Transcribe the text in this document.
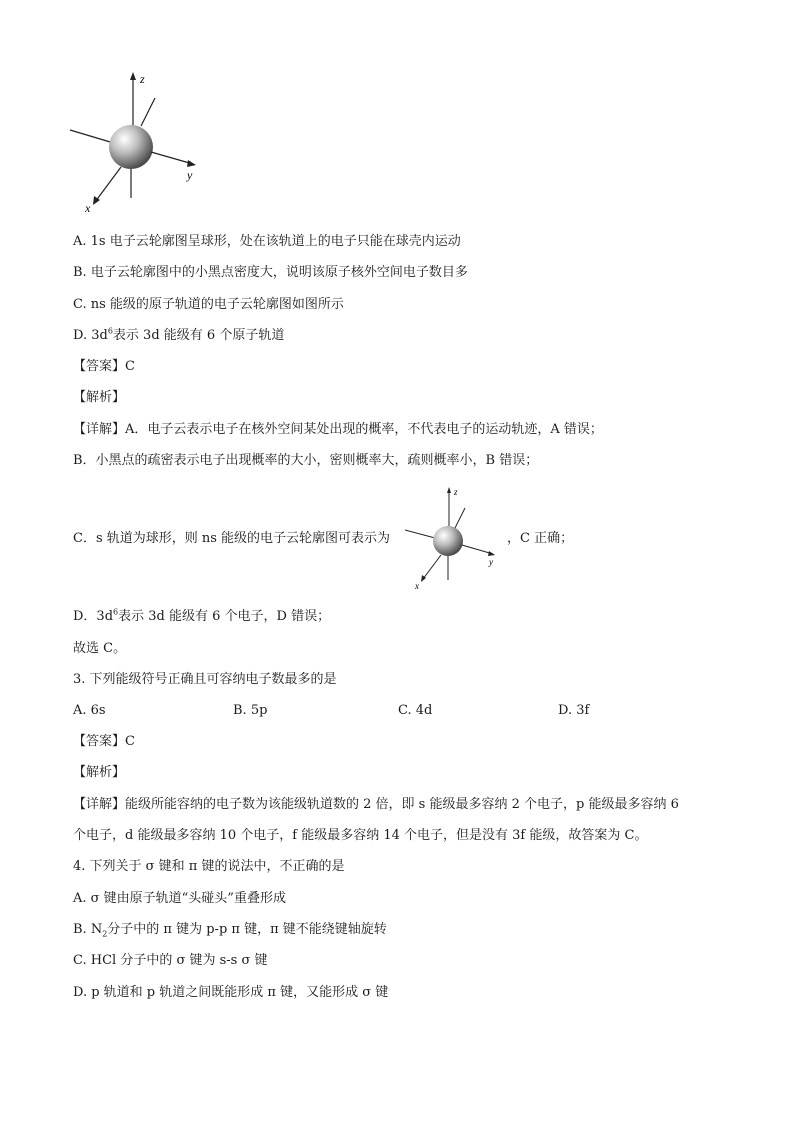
z
y
x
A. 1s 电子云轮廓图呈球形，处在该轨道上的电子只能在球壳内运动
B. 电子云轮廓图中的小黑点密度大，说明该原子核外空间电子数目多
C. ns 能级的原子轨道的电子云轮廓图如图所示
D. $3d^6$表示 3d 能级有 6 个原子轨道
【答案】C
【解析】
【详解】A．电子云表示电子在核外空间某处出现的概率，不代表电子的运动轨迹，A 错误；
B．小黑点的疏密表示电子出现概率的大小，密则概率大，疏则概率小，B 错误；
C．s 轨道为球形，则 ns 能级的电子云轮廓图可表示为	，C 正确；
z
y
x
D．$3d^6$表示 3d 能级有 6 个电子，D 错误；
故选 C。
3. 下列能级符号正确且可容纳电子数最多的是
A. 6s	B. 5p	C. 4d	D. 3f
【答案】C
【解析】
【详解】能级所能容纳的电子数为该能级轨道数的 2 倍，即 s 能级最多容纳 2 个电子，p 能级最多容纳 6
个电子，d 能级最多容纳 10 个电子，f 能级最多容纳 14 个电子，但是没有 3f 能级，故答案为 C。
4. 下列关于 σ 键和 π 键的说法中，不正确的是
A. σ 键由原子轨道“头碰头”重叠形成
B. $N_2$分子中的 π 键为 p-p π 键，π 键不能绕键轴旋转
C. HCl 分子中的 σ 键为 s-s σ 键
D. p 轨道和 p 轨道之间既能形成 π 键，又能形成 σ 键
